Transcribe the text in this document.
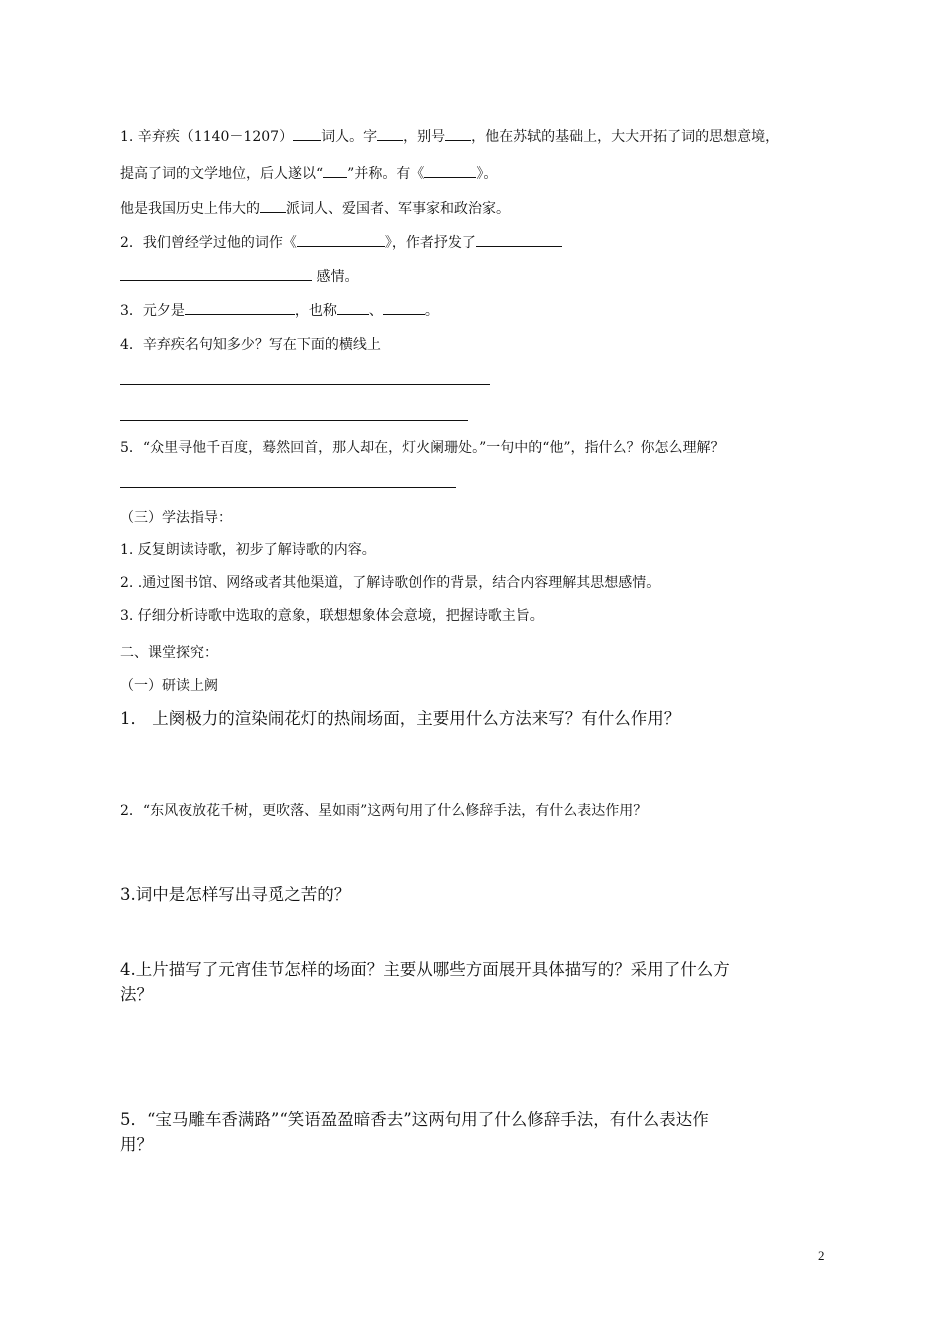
1. 辛弃疾（1140－1207） 词人。字 ，别号 ，他在苏轼的基础上，大大开拓了词的思想意境，
提高了词的文学地位，后人遂以“ ”并称。有《	》。
他是我国历史上伟大的 派词人、爱国者、军事家和政治家。
2．我们曾经学过他的词作《	》，作者抒发了
感情。
3．元夕是	，也称 、	。
4．辛弃疾名句知多少？写在下面的横线上
5．“众里寻他千百度，蓦然回首，那人却在，灯火阑珊处。”一句中的“他”，指什么？你怎么理解？
（三）学法指导：
1. 反复朗读诗歌，初步了解诗歌的内容。
2. .通过图书馆、网络或者其他渠道，了解诗歌创作的背景，结合内容理解其思想感情。
3. 仔细分析诗歌中选取的意象，联想想象体会意境，把握诗歌主旨。
二、课堂探究：
（一）研读上阙
1． 上阕极力的渲染闹花灯的热闹场面，主要用什么方法来写？有什么作用？
2．“东风夜放花千树，更吹落、星如雨”这两句用了什么修辞手法，有什么表达作用？
3.词中是怎样写出寻觅之苦的？
4.上片描写了元宵佳节怎样的场面？主要从哪些方面展开具体描写的？采用了什么方
法？
5．“宝马雕车香满路”“笑语盈盈暗香去”这两句用了什么修辞手法，有什么表达作
用？
2
